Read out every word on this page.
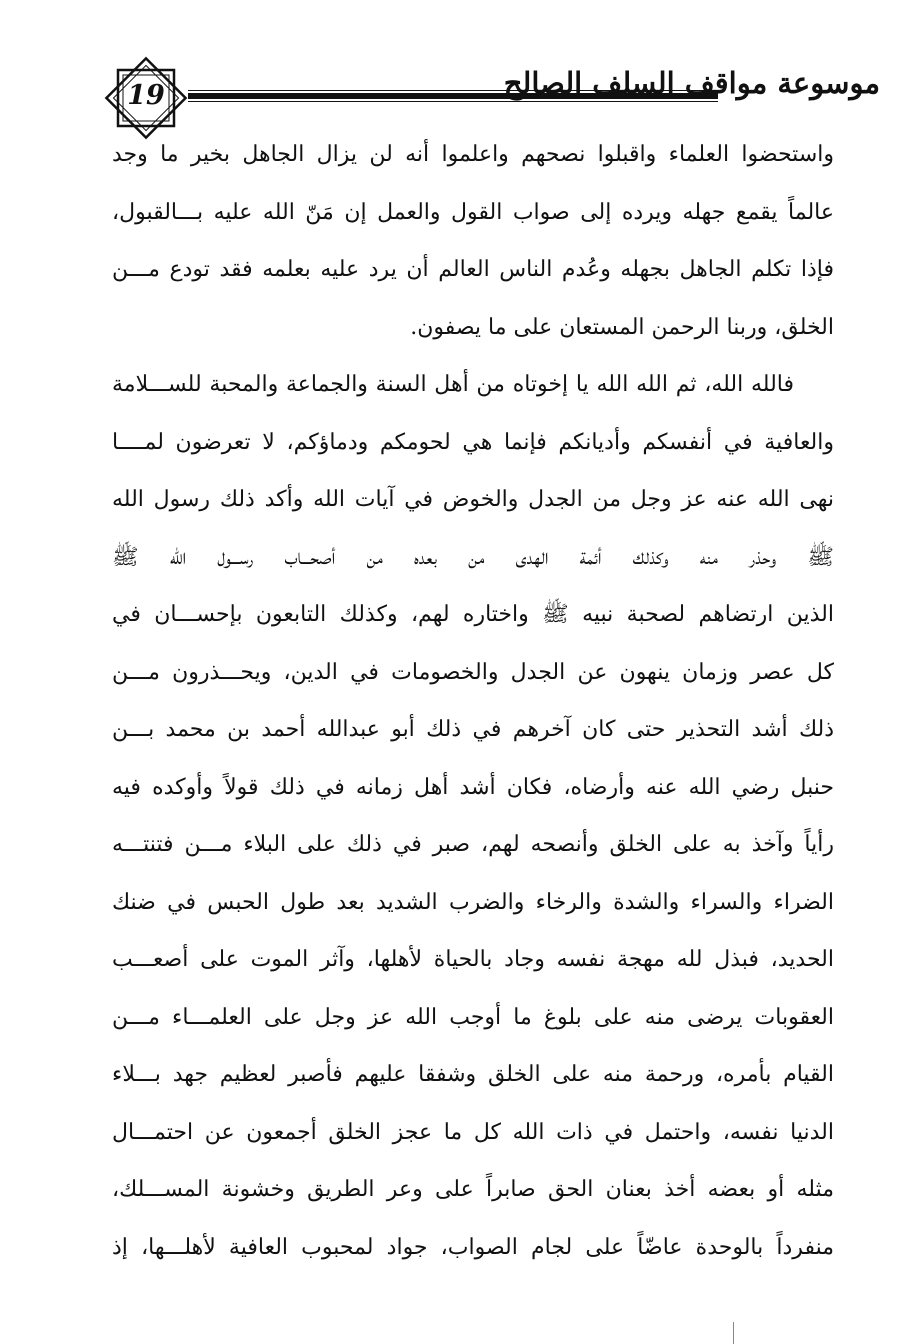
19	موسوعة مواقف السلف الصالح
واستحضوا العلماء واقبلوا نصحهم واعلموا أنه لن يزال الجاهل بخير ما وجد
عالماً يقمع جهله ويرده إلى صواب القول والعمل إن مَنّ الله عليه بـــالقبول،
فإذا تكلم الجاهل بجهله وعُدم الناس العالم أن يرد عليه بعلمه فقد تودع مـــن
الخلق، وربنا الرحمن المستعان على ما يصفون.
فالله الله، ثم الله الله يا إخوتاه من أهل السنة والجماعة والمحبة للســـلامة
والعافية في أنفسكم وأديانكم فإنما هي لحومكم ودماؤكم، لا تعرضون لمــــا
نهى الله عنه عز وجل من الجدل والخوض في آيات الله وأكد ذلك رسول الله
ﷺ وحذر منه وكذلك أئمة الهدى من بعده من أصحـــاب رســـول الله ﷺ
الذين ارتضاهم لصحبة نبيه ﷺ واختاره لهم، وكذلك التابعون بإحســـان في
كل عصر وزمان ينهون عن الجدل والخصومات في الدين، ويحـــذرون مـــن
ذلك أشد التحذير حتى كان آخرهم في ذلك أبو عبدالله أحمد بن محمد بـــن
حنبل رضي الله عنه وأرضاه، فكان أشد أهل زمانه في ذلك قولاً وأوكده فيه
رأياً وآخذ به على الخلق وأنصحه لهم، صبر في ذلك على البلاء مـــن فتنتـــه
الضراء والسراء والشدة والرخاء والضرب الشديد بعد طول الحبس في ضنك
الحديد، فبذل لله مهجة نفسه وجاد بالحياة لأهلها، وآثر الموت على أصعـــب
العقوبات يرضى منه على بلوغ ما أوجب الله عز وجل على العلمـــاء مـــن
القيام بأمره، ورحمة منه على الخلق وشفقا عليهم فأصبر لعظيم جهد بـــلاء
الدنيا نفسه، واحتمل في ذات الله كل ما عجز الخلق أجمعون عن احتمـــال
مثله أو بعضه أخذ بعنان الحق صابراً على وعر الطريق وخشونة المســـلك،
منفرداً بالوحدة عاضّاً على لجام الصواب، جواد لمحبوب العافية لأهلـــها، إذ
